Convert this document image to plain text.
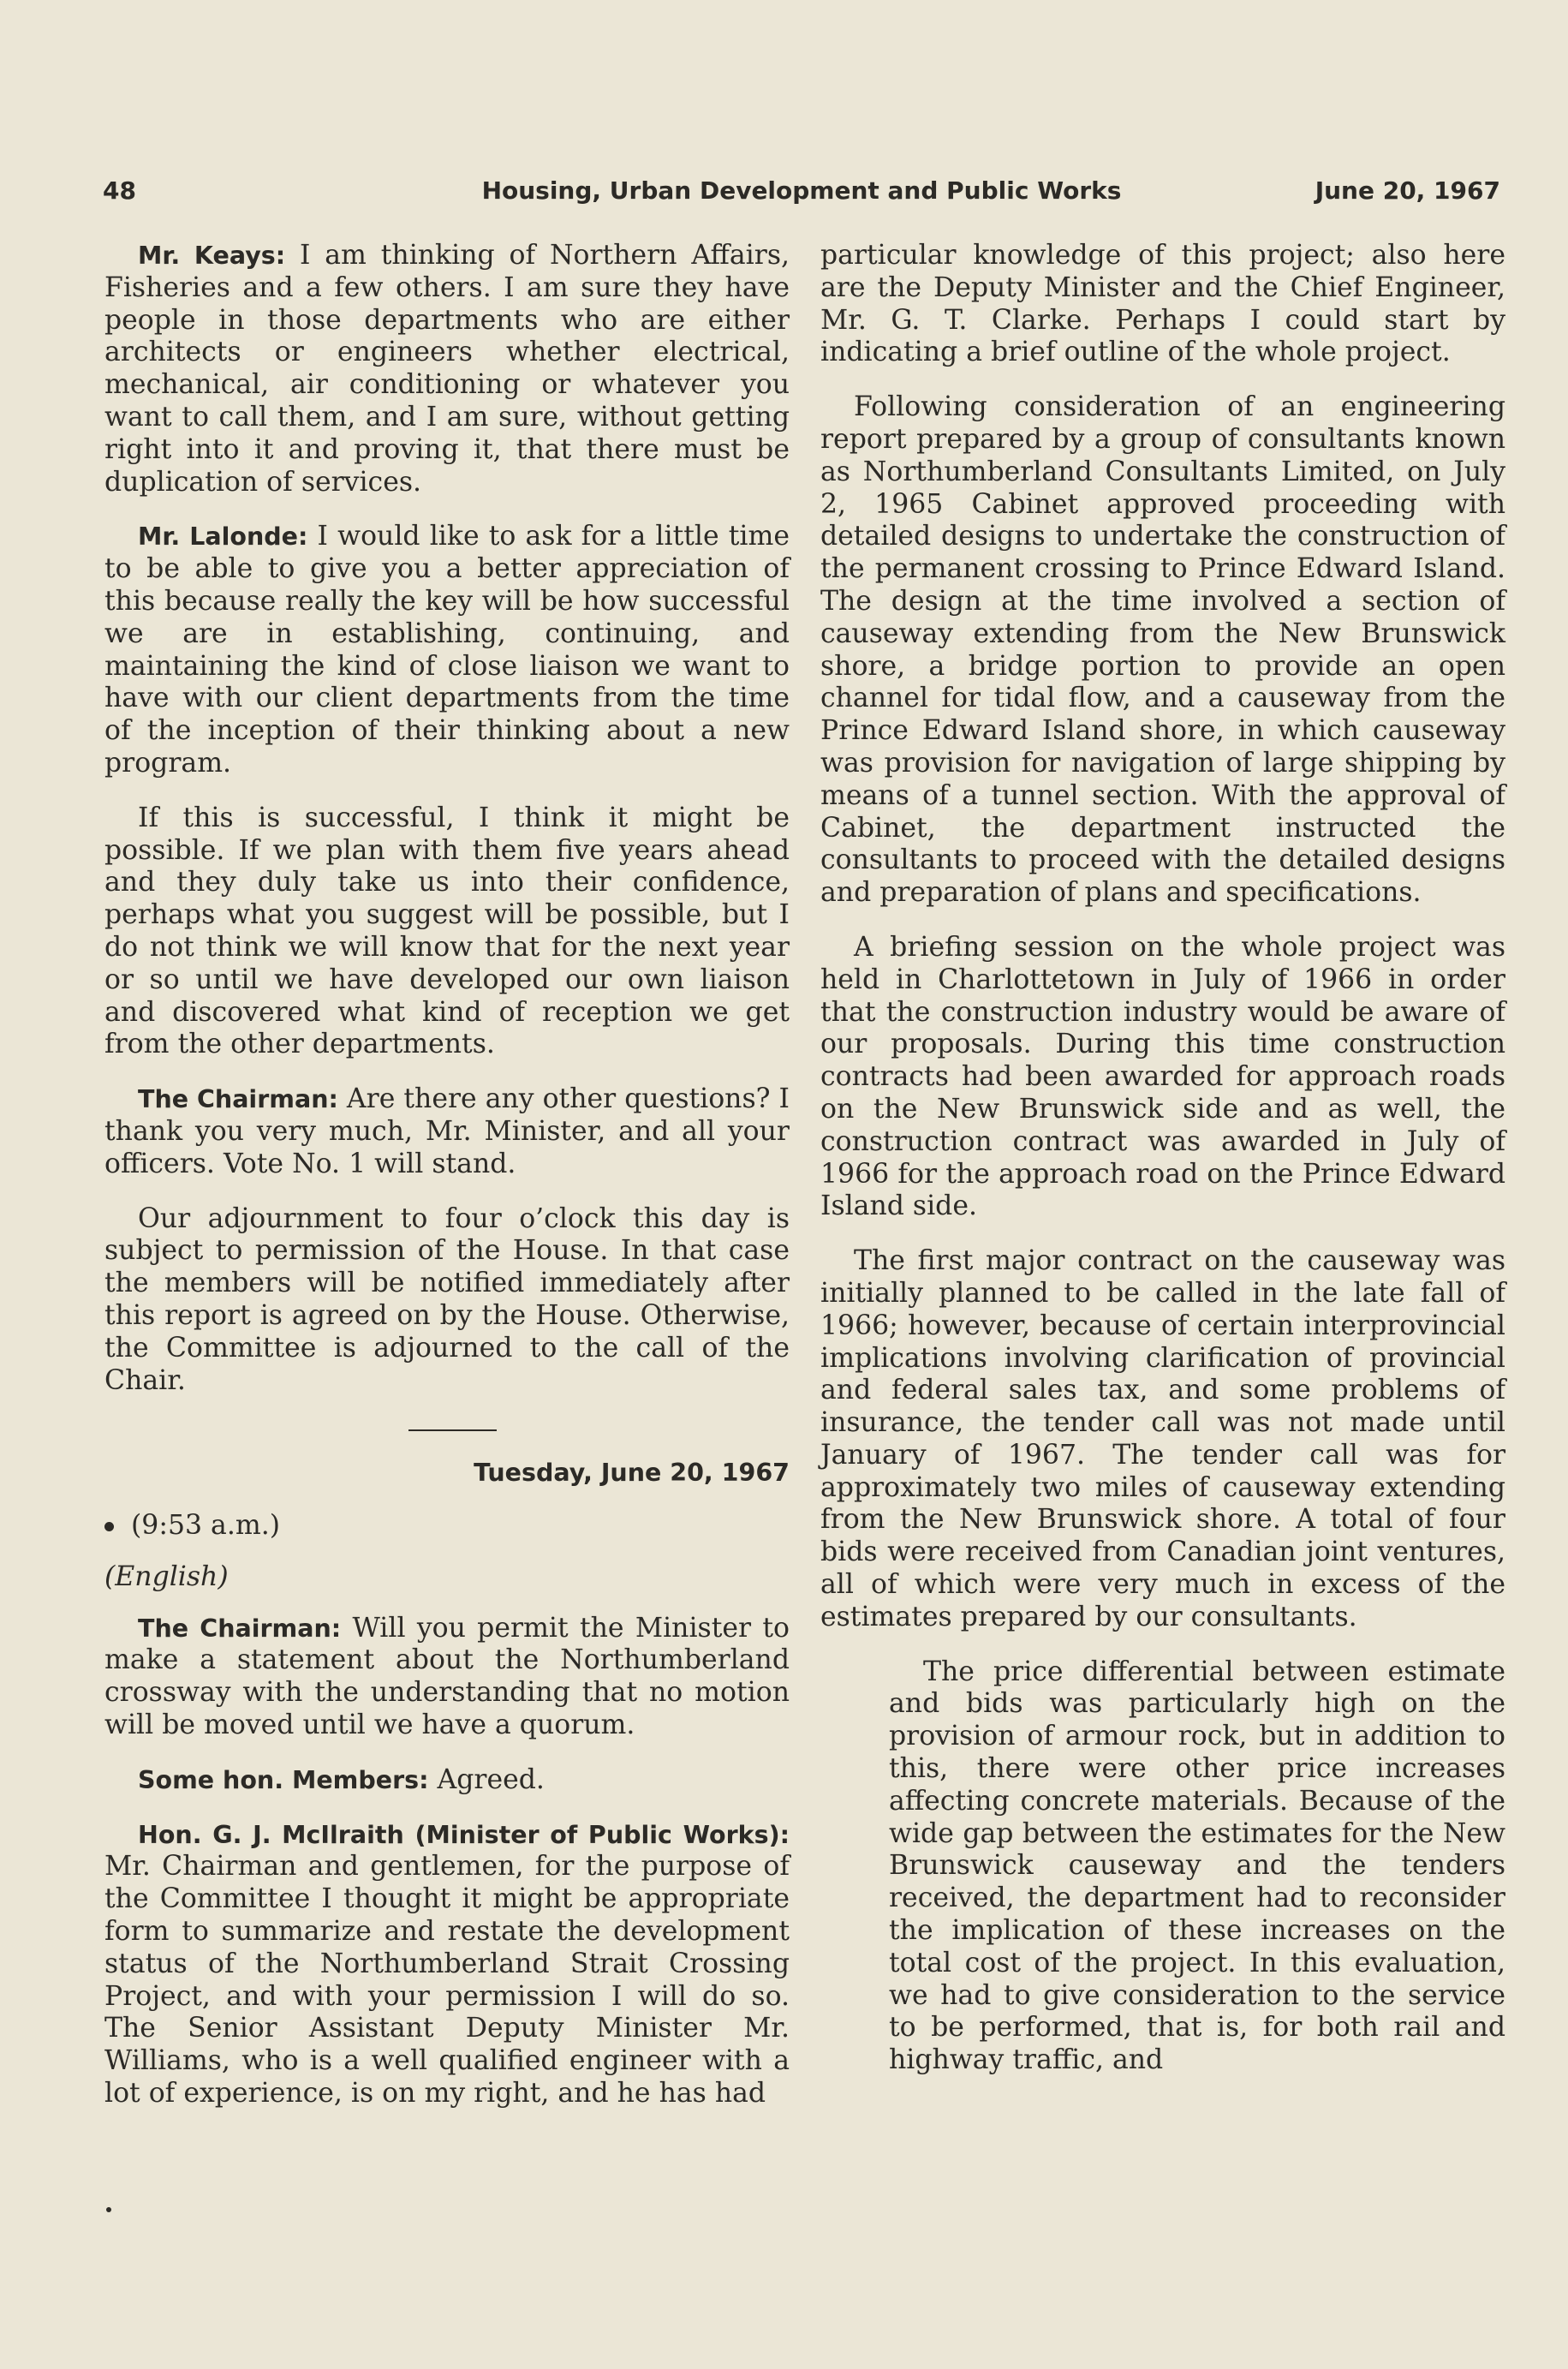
48	Housing, Urban Development and Public Works	June 20, 1967

Mr. Keays: I am thinking of Northern Affairs, Fisheries and a few others. I am sure they have people in those departments who are either architects or engineers whether electrical, mechanical, air conditioning or whatever you want to call them, and I am sure, without getting right into it and proving it, that there must be duplication of services.

Mr. Lalonde: I would like to ask for a little time to be able to give you a better appreciation of this because really the key will be how successful we are in establishing, continuing, and maintaining the kind of close liaison we want to have with our client departments from the time of the inception of their thinking about a new program.

If this is successful, I think it might be possible. If we plan with them five years ahead and they duly take us into their confidence, perhaps what you suggest will be possible, but I do not think we will know that for the next year or so until we have developed our own liaison and discovered what kind of reception we get from the other departments.

The Chairman: Are there any other questions? I thank you very much, Mr. Minister, and all your officers. Vote No. 1 will stand.

Our adjournment to four o’clock this day is subject to permission of the House. In that case the members will be notified immediately after this report is agreed on by the House. Otherwise, the Committee is adjourned to the call of the Chair.

Tuesday, June 20, 1967
(9:53 a.m.)
(English)

The Chairman: Will you permit the Minister to make a statement about the Northumberland crossway with the understanding that no motion will be moved until we have a quorum.

Some hon. Members: Agreed.

Hon. G. J. McIlraith (Minister of Public Works): Mr. Chairman and gentlemen, for the purpose of the Committee I thought it might be appropriate form to summarize and restate the development status of the Northumberland Strait Crossing Project, and with your permission I will do so. The Senior Assistant Deputy Minister Mr. Williams, who is a well qualified engineer with a lot of experience, is on my right, and he has had

particular knowledge of this project; also here are the Deputy Minister and the Chief Engineer, Mr. G. T. Clarke. Perhaps I could start by indicating a brief outline of the whole project.

Following consideration of an engineering report prepared by a group of consultants known as Northumberland Consultants Limited, on July 2, 1965 Cabinet approved proceeding with detailed designs to undertake the construction of the permanent crossing to Prince Edward Island. The design at the time involved a section of causeway extending from the New Brunswick shore, a bridge portion to provide an open channel for tidal flow, and a causeway from the Prince Edward Island shore, in which causeway was provision for navigation of large shipping by means of a tunnel section. With the approval of Cabinet, the department instructed the consultants to proceed with the detailed designs and preparation of plans and specifications.

A briefing session on the whole project was held in Charlottetown in July of 1966 in order that the construction industry would be aware of our proposals. During this time construction contracts had been awarded for approach roads on the New Brunswick side and as well, the construction contract was awarded in July of 1966 for the approach road on the Prince Edward Island side.

The first major contract on the causeway was initially planned to be called in the late fall of 1966; however, because of certain interprovincial implications involving clarification of provincial and federal sales tax, and some problems of insurance, the tender call was not made until January of 1967. The tender call was for approximately two miles of causeway extending from the New Brunswick shore. A total of four bids were received from Canadian joint ventures, all of which were very much in excess of the estimates prepared by our consultants.

The price differential between estimate and bids was particularly high on the provision of armour rock, but in addition to this, there were other price increases affecting concrete materials. Because of the wide gap between the estimates for the New Brunswick causeway and the tenders received, the department had to reconsider the implication of these increases on the total cost of the project. In this evaluation, we had to give consideration to the service to be performed, that is, for both rail and highway traffic, and
